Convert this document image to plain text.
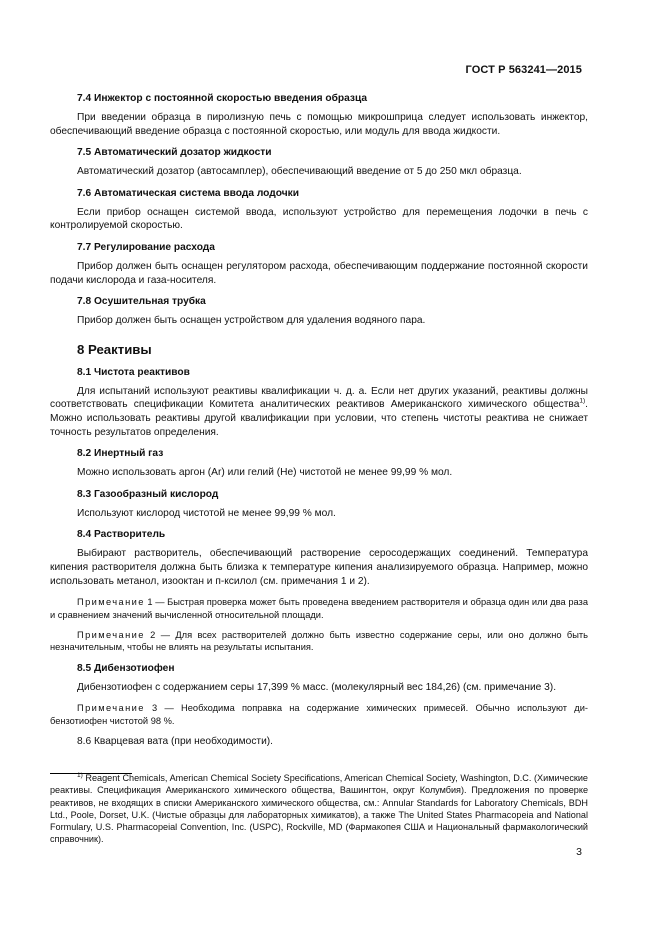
ГОСТ Р 563241—2015
7.4 Инжектор с постоянной скоростью введения образца

При введении образца в пиролизную печь с помощью микрошприца следует использовать инжектор, обеспечивающий введение образца с постоянной скоростью, или модуль для ввода жидкости.

7.5 Автоматический дозатор жидкости

Автоматический дозатор (автосамплер), обеспечивающий введение от 5 до 250 мкл образца.

7.6 Автоматическая система ввода лодочки

Если прибор оснащен системой ввода, используют устройство для перемещения лодочки в печь с контролируемой скоростью.

7.7 Регулирование расхода

Прибор должен быть оснащен регулятором расхода, обеспечивающим поддержание постоянной скорости подачи кислорода и газа-носителя.

7.8 Осушительная трубка

Прибор должен быть оснащен устройством для удаления водяного пара.

8 Реактивы
8.1 Чистота реактивов

Для испытаний используют реактивы квалификации ч. д. а. Если нет других указаний, реактивы должны соответствовать спецификации Комитета аналитических реактивов Американского химического общества$^{1)}$. Можно использовать реактивы другой квалификации при условии, что степень чистоты реактива не снижает точность результатов определения.

8.2 Инертный газ

Можно использовать аргон (Ar) или гелий (He) чистотой не менее 99,99 % мол.

8.3 Газообразный кислород

Используют кислород чистотой не менее 99,99 % мол.

8.4 Растворитель

Выбирают растворитель, обеспечивающий растворение серосодержащих соединений. Температура кипения растворителя должна быть близка к температуре кипения анализируемого образца. Например, можно использовать метанол, изооктан и п-ксилол (см. примечания 1 и 2).

Примечание 1 — Быстрая проверка может быть проведена введением растворителя и образца один или два раза и сравнением значений вычисленной относительной площади.
Примечание 2 — Для всех растворителей должно быть известно содержание серы, или оно должно быть незначительным, чтобы не влиять на результаты испытания.
8.5 Дибензотиофен

Дибензотиофен с содержанием серы 17,399 % масс. (молекулярный вес 184,26) (см. примечание 3).

Примечание 3 — Необходима поправка на содержание химических примесей. Обычно используют дибензотиофен чистотой 98 %.

8.6 Кварцевая вата (при необходимости).

$^{1)}$ Reagent Chemicals, American Chemical Society Specifications, American Chemical Society, Washington, D.C. (Химические реактивы. Спецификация Американского химического общества, Вашингтон, округ Колумбия). Предложения по проверке реактивов, не входящих в списки Американского химического общества, см.: Annular Standards for Laboratory Chemicals, BDH Ltd., Poole, Dorset, U.K. (Чистые образцы для лабораторных химикатов), а также The United States Pharmacopeia and National Formulary, U.S. Pharmacopeial Convention, Inc. (USPC), Rockville, MD (Фармакопея США и Национальный фармакологический справочник).

3
